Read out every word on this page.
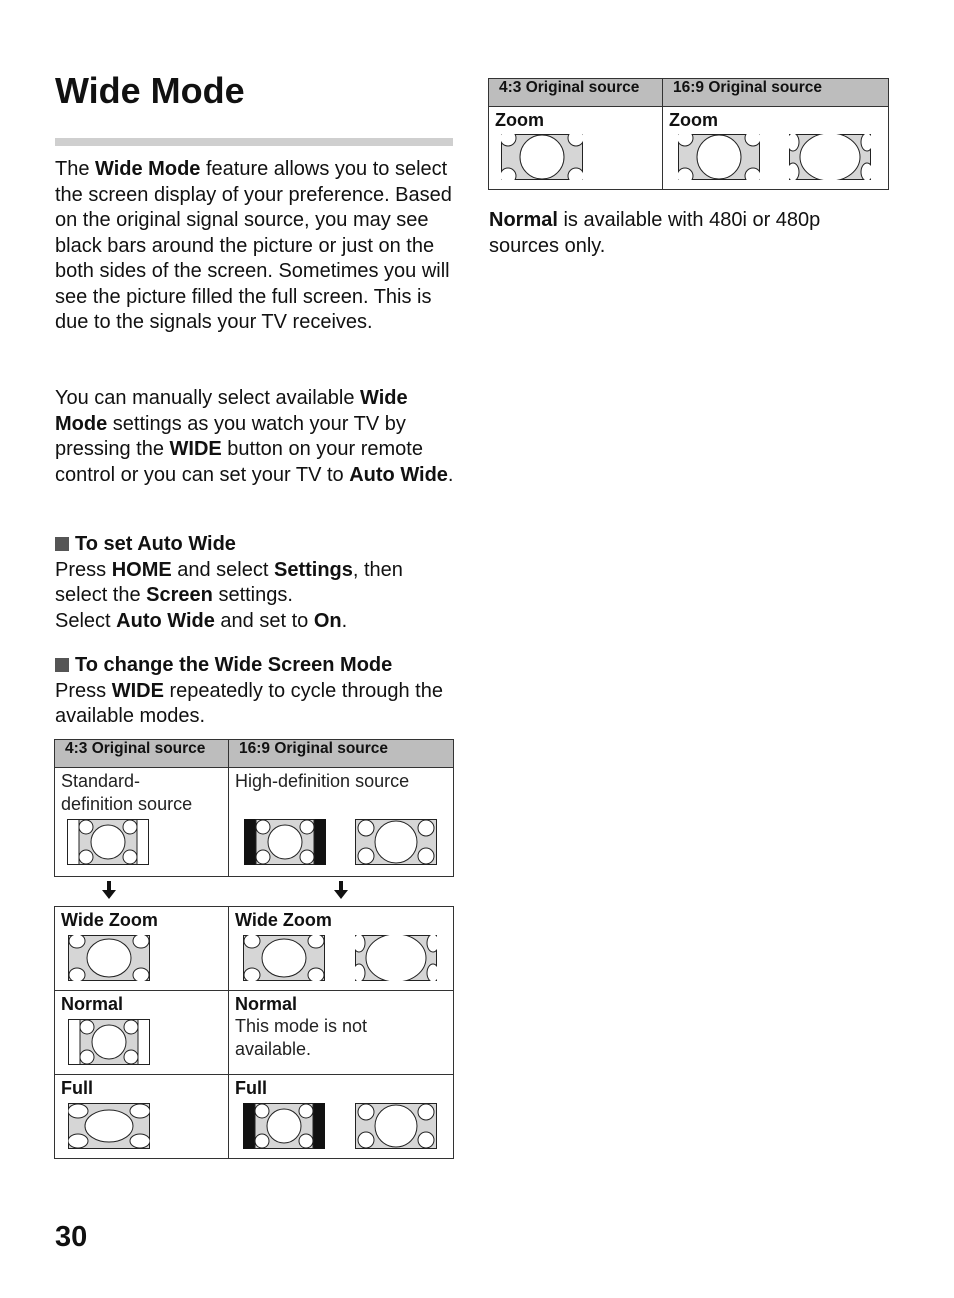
Wide Mode
The Wide Mode feature allows you to select the screen display of your preference. Based on the original signal source, you may see black bars around the picture or just on the both sides of the screen. Sometimes you will see the picture filled the full screen. This is due to the signals your TV receives.
You can manually select available Wide Mode settings as you watch your TV by pressing the WIDE button on your remote control or you can set your TV to Auto Wide.
To set Auto Wide
Press HOME and select Settings, then select the Screen settings.
Select Auto Wide and set to On.
To change the Wide Screen Mode
Press WIDE repeatedly to cycle through the available modes.
4:3 Original source	16:9 Original source

Standard-
definition source	High-definition source
Wide Zoom	Wide Zoom

Normal	Normal
This mode is not available.

Full	Full
4:3 Original source	16:9 Original source

Zoom	Zoom
Normal is available with 480i or 480p sources only.
30
